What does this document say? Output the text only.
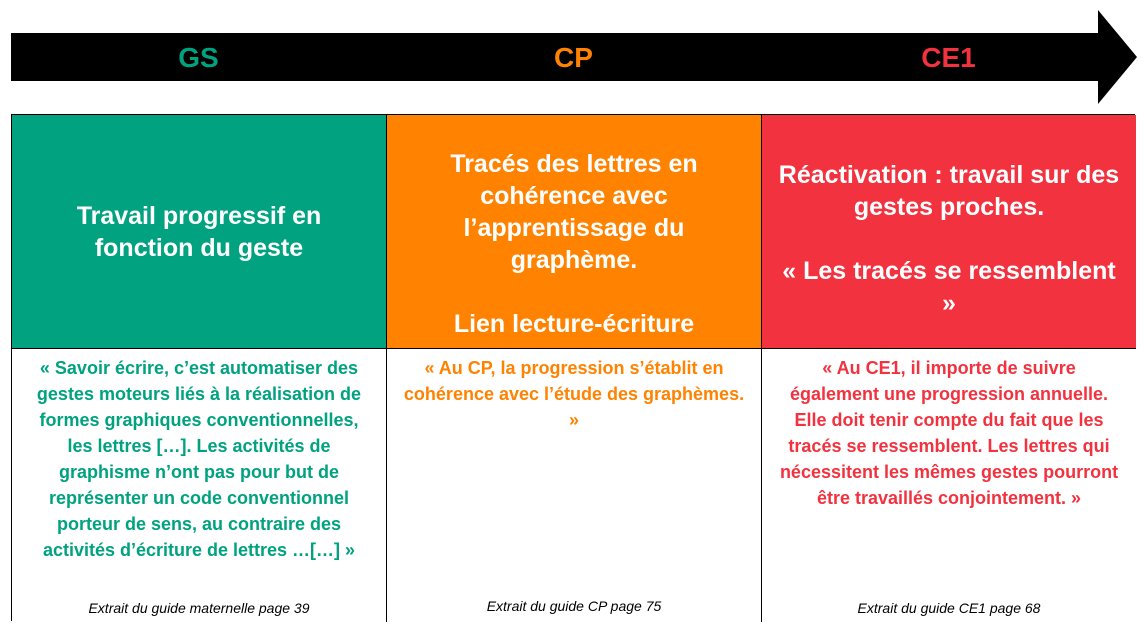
GS	CP	CE1

Travail progressif en fonction du geste

Tracés des lettres en cohérence avec l’apprentissage du graphème.

Lien lecture-écriture

Réactivation : travail sur des gestes proches.

« Les tracés se ressemblent »

« Savoir écrire, c’est automatiser des gestes moteurs liés à la réalisation de formes graphiques conventionnelles, les lettres […]. Les activités de graphisme n’ont pas pour but de représenter un code conventionnel porteur de sens, au contraire des activités d’écriture de lettres …[…] »

Extrait du guide maternelle page 39

« Au CP, la progression s’établit en cohérence avec l’étude des graphèmes. »

Extrait du guide CP page 75

« Au CE1, il importe de suivre également une progression annuelle. Elle doit tenir compte du fait que les tracés se ressemblent. Les lettres qui nécessitent les mêmes gestes pourront être travaillés conjointement. »

Extrait du guide CE1 page 68
